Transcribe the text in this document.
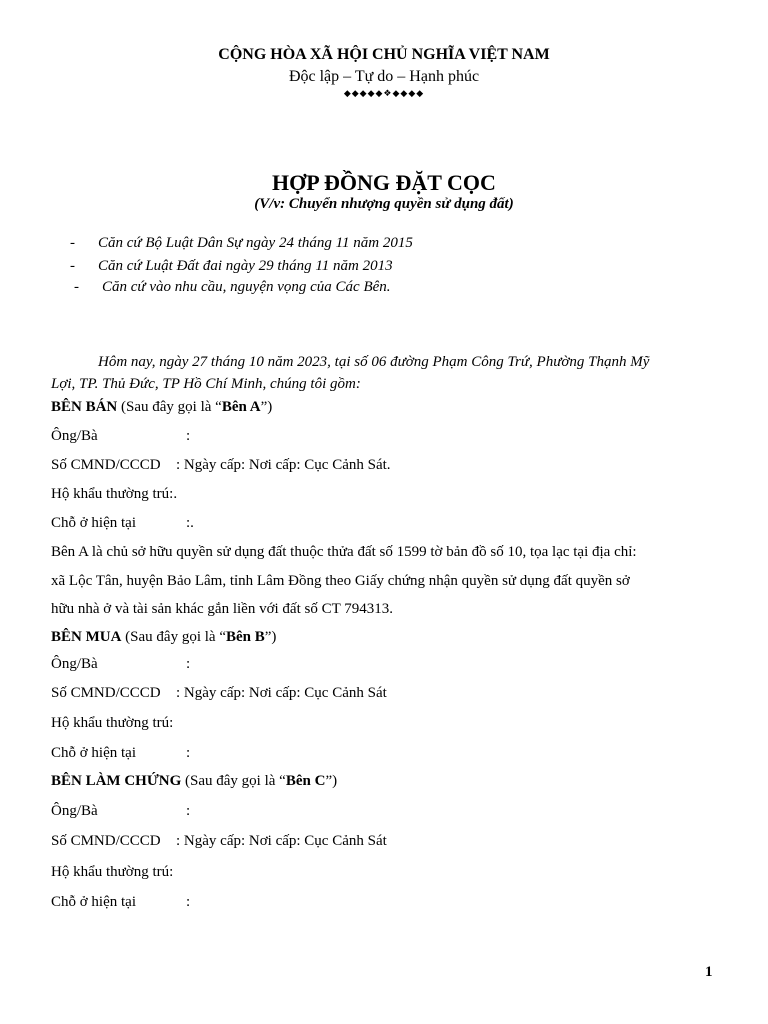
CỘNG HÒA XÃ HỘI CHỦ NGHĨA VIỆT NAM
Độc lập – Tự do – Hạnh phúc
◆◆◆◆◆❖◆◆◆◆
HỢP ĐỒNG ĐẶT CỌC
(V/v: Chuyển nhượng quyền sử dụng đất)
- Căn cứ Bộ Luật Dân Sự ngày 24 tháng 11 năm 2015
- Căn cứ Luật Đất đai ngày 29 tháng 11 năm 2013
- Căn cứ vào nhu cầu, nguyện vọng của Các Bên.
Hôm nay, ngày 27 tháng 10 năm 2023, tại số 06 đường Phạm Công Trứ, Phường Thạnh Mỹ
Lợi, TP. Thủ Đức, TP Hồ Chí Minh, chúng tôi gồm:
BÊN BÁN (Sau đây gọi là “Bên A”)
Ông/Bà	:
Số CMND/CCCD : Ngày cấp: Nơi cấp: Cục Cảnh Sát.
Hộ khẩu thường trú:.
Chỗ ở hiện tại	:.
Bên A là chủ sở hữu quyền sử dụng đất thuộc thửa đất số 1599 tờ bản đồ số 10, tọa lạc tại địa chỉ:
xã Lộc Tân, huyện Bảo Lâm, tỉnh Lâm Đồng theo Giấy chứng nhận quyền sử dụng đất quyền sở
hữu nhà ở và tài sản khác gắn liền với đất số CT 794313.
BÊN MUA (Sau đây gọi là “Bên B”)
Ông/Bà	:
Số CMND/CCCD : Ngày cấp: Nơi cấp: Cục Cảnh Sát
Hộ khẩu thường trú:
Chỗ ở hiện tại	:
BÊN LÀM CHỨNG (Sau đây gọi là “Bên C”)
Ông/Bà	:
Số CMND/CCCD : Ngày cấp: Nơi cấp: Cục Cảnh Sát
Hộ khẩu thường trú:
Chỗ ở hiện tại	:
1
